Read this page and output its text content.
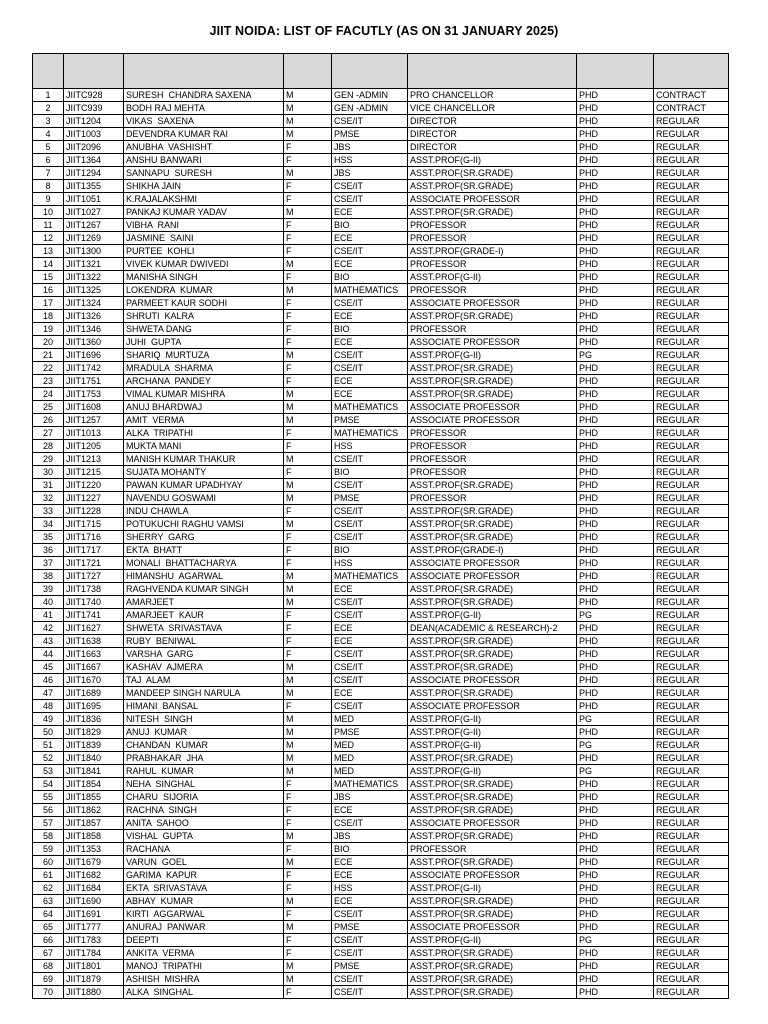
JIIT NOIDA: LIST OF FACUTLY (AS ON 31 JANUARY 2025)

1	JIITC928	SURESH  CHANDRA SAXENA	M	GEN -ADMIN	PRO CHANCELLOR	PHD	CONTRACT
2	JIITC939	BODH RAJ MEHTA	M	GEN -ADMIN	VICE CHANCELLOR	PHD	CONTRACT
3	JIIT1204	VIKAS  SAXENA	M	CSE/IT	DIRECTOR	PHD	REGULAR
4	JIIT1003	DEVENDRA KUMAR RAI	M	PMSE	DIRECTOR	PHD	REGULAR
5	JIIT2096	ANUBHA  VASHISHT	F	JBS	DIRECTOR	PHD	REGULAR
6	JIIT1364	ANSHU BANWARI	F	HSS	ASST.PROF(G-II)	PHD	REGULAR
7	JIIT1294	SANNAPU  SURESH	M	JBS	ASST.PROF(SR.GRADE)	PHD	REGULAR
8	JIIT1355	SHIKHA JAIN	F	CSE/IT	ASST.PROF(SR.GRADE)	PHD	REGULAR
9	JIIT1051	K.RAJALAKSHMI	F	CSE/IT	ASSOCIATE PROFESSOR	PHD	REGULAR
10	JIIT1027	PANKAJ KUMAR YADAV	M	ECE	ASST.PROF(SR.GRADE)	PHD	REGULAR
11	JIIT1267	VIBHA  RANI	F	BIO	PROFESSOR	PHD	REGULAR
12	JIIT1269	JASMINE  SAINI	F	ECE	PROFESSOR	PHD	REGULAR
13	JIIT1300	PURTEE  KOHLI	F	CSE/IT	ASST.PROF(GRADE-I)	PHD	REGULAR
14	JIIT1321	VIVEK KUMAR DWIVEDI	M	ECE	PROFESSOR	PHD	REGULAR
15	JIIT1322	MANISHA SINGH	F	BIO	ASST.PROF(G-II)	PHD	REGULAR
16	JIIT1325	LOKENDRA  KUMAR	M	MATHEMATICS	PROFESSOR	PHD	REGULAR
17	JIIT1324	PARMEET KAUR SODHI	F	CSE/IT	ASSOCIATE PROFESSOR	PHD	REGULAR
18	JIIT1326	SHRUTI  KALRA	F	ECE	ASST.PROF(SR.GRADE)	PHD	REGULAR
19	JIIT1346	SHWETA DANG	F	BIO	PROFESSOR	PHD	REGULAR
20	JIIT1360	JUHI  GUPTA	F	ECE	ASSOCIATE PROFESSOR	PHD	REGULAR
21	JIIT1696	SHARIQ  MURTUZA	M	CSE/IT	ASST.PROF(G-II)	PG	REGULAR
22	JIIT1742	MRADULA  SHARMA	F	CSE/IT	ASST.PROF(SR.GRADE)	PHD	REGULAR
23	JIIT1751	ARCHANA  PANDEY	F	ECE	ASST.PROF(SR.GRADE)	PHD	REGULAR
24	JIIT1753	VIMAL KUMAR MISHRA	M	ECE	ASST.PROF(SR.GRADE)	PHD	REGULAR
25	JIIT1608	ANUJ BHARDWAJ	M	MATHEMATICS	ASSOCIATE PROFESSOR	PHD	REGULAR
26	JIIT1257	AMIT  VERMA	M	PMSE	ASSOCIATE PROFESSOR	PHD	REGULAR
27	JIIT1013	ALKA  TRIPATHI	F	MATHEMATICS	PROFESSOR	PHD	REGULAR
28	JIIT1205	MUKTA MANI	F	HSS	PROFESSOR	PHD	REGULAR
29	JIIT1213	MANISH KUMAR THAKUR	M	CSE/IT	PROFESSOR	PHD	REGULAR
30	JIIT1215	SUJATA MOHANTY	F	BIO	PROFESSOR	PHD	REGULAR
31	JIIT1220	PAWAN KUMAR UPADHYAY	M	CSE/IT	ASST.PROF(SR.GRADE)	PHD	REGULAR
32	JIIT1227	NAVENDU GOSWAMI	M	PMSE	PROFESSOR	PHD	REGULAR
33	JIIT1228	INDU CHAWLA	F	CSE/IT	ASST.PROF(SR.GRADE)	PHD	REGULAR
34	JIIT1715	POTUKUCHI RAGHU VAMSI	M	CSE/IT	ASST.PROF(SR.GRADE)	PHD	REGULAR
35	JIIT1716	SHERRY  GARG	F	CSE/IT	ASST.PROF(SR.GRADE)	PHD	REGULAR
36	JIIT1717	EKTA  BHATT	F	BIO	ASST.PROF(GRADE-I)	PHD	REGULAR
37	JIIT1721	MONALI  BHATTACHARYA	F	HSS	ASSOCIATE PROFESSOR	PHD	REGULAR
38	JIIT1727	HIMANSHU  AGARWAL	M	MATHEMATICS	ASSOCIATE PROFESSOR	PHD	REGULAR
39	JIIT1738	RAGHVENDA KUMAR SINGH	M	ECE	ASST.PROF(SR.GRADE)	PHD	REGULAR
40	JIIT1740	AMARJEET	M	CSE/IT	ASST.PROF(SR.GRADE)	PHD	REGULAR
41	JIIT1741	AMARJEET  KAUR	F	CSE/IT	ASST.PROF(G-II)	PG	REGULAR
42	JIIT1627	SHWETA  SRIVASTAVA	F	ECE	DEAN(ACADEMIC & RESEARCH)-2	PHD	REGULAR
43	JIIT1638	RUBY  BENIWAL	F	ECE	ASST.PROF(SR.GRADE)	PHD	REGULAR
44	JIIT1663	VARSHA  GARG	F	CSE/IT	ASST.PROF(SR.GRADE)	PHD	REGULAR
45	JIIT1667	KASHAV  AJMERA	M	CSE/IT	ASST.PROF(SR.GRADE)	PHD	REGULAR
46	JIIT1670	TAJ  ALAM	M	CSE/IT	ASSOCIATE PROFESSOR	PHD	REGULAR
47	JIIT1689	MANDEEP SINGH NARULA	M	ECE	ASST.PROF(SR.GRADE)	PHD	REGULAR
48	JIIT1695	HIMANI  BANSAL	F	CSE/IT	ASSOCIATE PROFESSOR	PHD	REGULAR
49	JIIT1836	NITESH  SINGH	M	MED	ASST.PROF(G-II)	PG	REGULAR
50	JIIT1829	ANUJ  KUMAR	M	PMSE	ASST.PROF(G-II)	PHD	REGULAR
51	JIIT1839	CHANDAN  KUMAR	M	MED	ASST.PROF(G-II)	PG	REGULAR
52	JIIT1840	PRABHAKAR  JHA	M	MED	ASST.PROF(SR.GRADE)	PHD	REGULAR
53	JIIT1841	RAHUL  KUMAR	M	MED	ASST.PROF(G-II)	PG	REGULAR
54	JIIT1854	NEHA  SINGHAL	F	MATHEMATICS	ASST.PROF(SR.GRADE)	PHD	REGULAR
55	JIIT1855	CHARU  SIJORIA	F	JBS	ASST.PROF(SR.GRADE)	PHD	REGULAR
56	JIIT1862	RACHNA  SINGH	F	ECE	ASST.PROF(SR.GRADE)	PHD	REGULAR
57	JIIT1857	ANITA  SAHOO	F	CSE/IT	ASSOCIATE PROFESSOR	PHD	REGULAR
58	JIIT1858	VISHAL  GUPTA	M	JBS	ASST.PROF(SR.GRADE)	PHD	REGULAR
59	JIIT1353	RACHANA	F	BIO	PROFESSOR	PHD	REGULAR
60	JIIT1679	VARUN  GOEL	M	ECE	ASST.PROF(SR.GRADE)	PHD	REGULAR
61	JIIT1682	GARIMA  KAPUR	F	ECE	ASSOCIATE PROFESSOR	PHD	REGULAR
62	JIIT1684	EKTA  SRIVASTAVA	F	HSS	ASST.PROF(G-II)	PHD	REGULAR
63	JIIT1690	ABHAY  KUMAR	M	ECE	ASST.PROF(SR.GRADE)	PHD	REGULAR
64	JIIT1691	KIRTI  AGGARWAL	F	CSE/IT	ASST.PROF(SR.GRADE)	PHD	REGULAR
65	JIIT1777	ANURAJ  PANWAR	M	PMSE	ASSOCIATE PROFESSOR	PHD	REGULAR
66	JIIT1783	DEEPTI	F	CSE/IT	ASST.PROF(G-II)	PG	REGULAR
67	JIIT1784	ANKITA  VERMA	F	CSE/IT	ASST.PROF(SR.GRADE)	PHD	REGULAR
68	JIIT1801	MANOJ  TRIPATHI	M	PMSE	ASST.PROF(SR.GRADE)	PHD	REGULAR
69	JIIT1879	ASHISH  MISHRA	M	CSE/IT	ASST.PROF(SR.GRADE)	PHD	REGULAR
70	JIIT1880	ALKA  SINGHAL	F	CSE/IT	ASST.PROF(SR.GRADE)	PHD	REGULAR
